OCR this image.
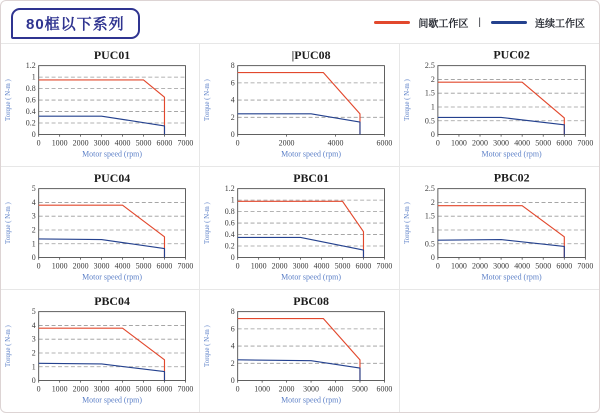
80框以下系列	间歇工作区 |	连续工作区
PUC01
0
0.2
0.4
0.6
0.8
1
1.2
0 1000 2000 3000 4000 5000 6000 7000
Motor speed (rpm)
Torque ( N-m )
|PUC08
0
2
4
6
8
0	2000	4000	6000
Motor speed (rpm)
Torque ( N-m )
PUC02
0
0.5
1
1.5
2
2.5
0 1000 2000 3000 4000 5000 6000 7000
Motor speed (rpm)
Torque ( N-m )
PUC04
0
1
2
3
4
5
0 1000 2000 3000 4000 5000 6000 7000
Motor speed (rpm)
Torque ( N-m )
PBC01
0
0.2
0.4
0.6
0.8
1
1.2
0 1000 2000 3000 4000 5000 6000 7000
Motor speed (rpm)
Torque ( N-m )
PBC02
0
0.5
1
1.5
2
2.5
0 1000 2000 3000 4000 5000 6000 7000
Motor speed (rpm)
Torque ( N-m )
PBC04
0
1
2
3
4
5
0 1000 2000 3000 4000 5000 6000 7000
Motor speed (rpm)
Torque ( N-m )
PBC08
0
2
4
6
8
0 1000 2000 3000 4000 5000 6000
Motor speed (rpm)
Torque ( N-m )
